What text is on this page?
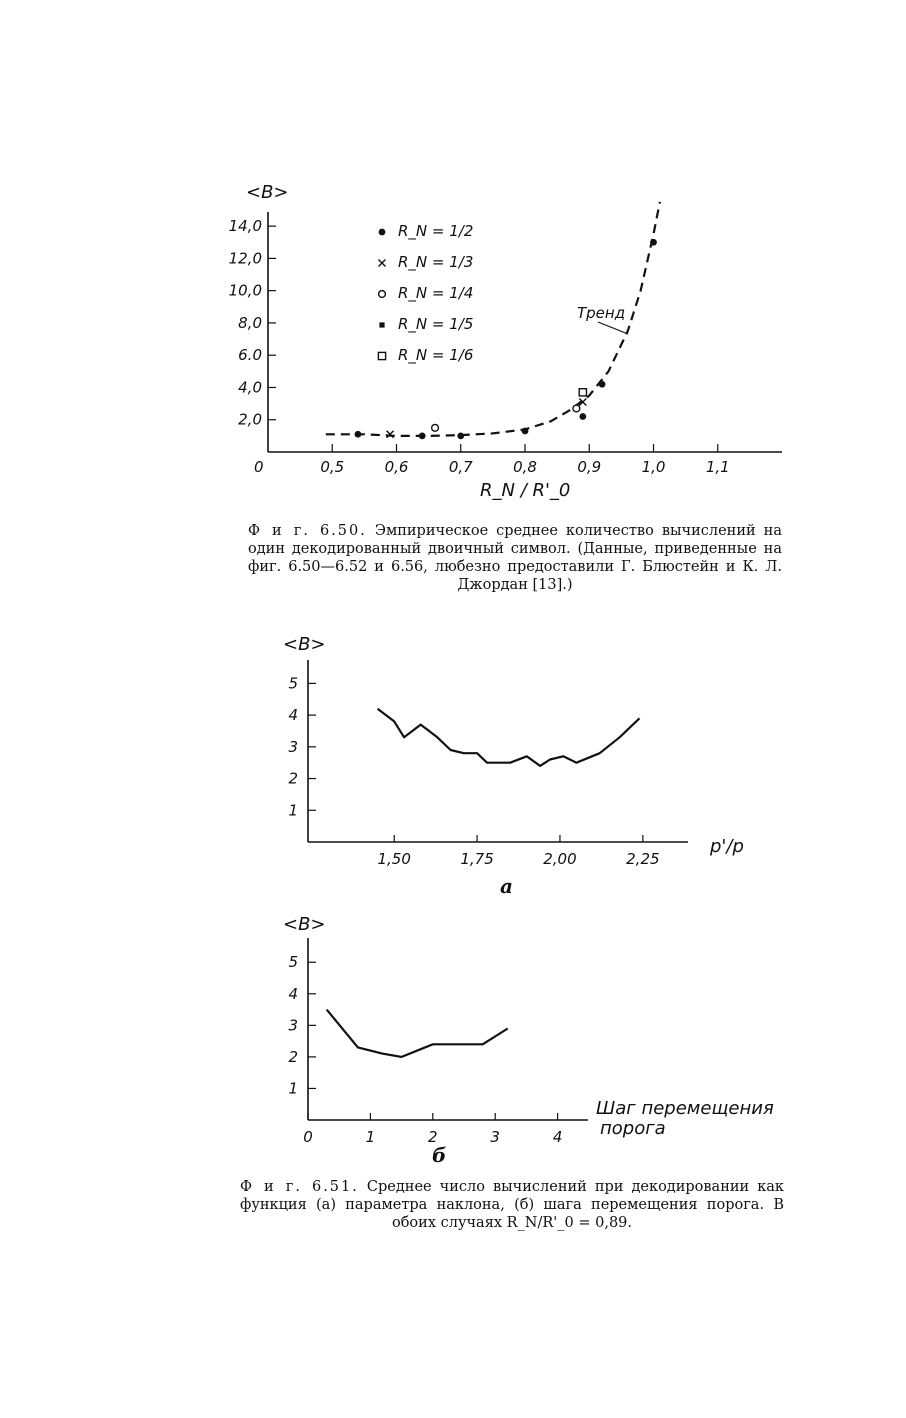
<B>
0
2,0
4,0
6.0
8,0
10,0
12,0
14,0
0,5	0,6	0,7	0,8	0,9	1,0	1,1
Тренд
R_N = 1/2
R_N = 1/3
R_N = 1/4
R_N = 1/5
R_N = 1/6
R_N / R'_0

Ф и г. 6.50. Эмпирическое среднее количество вычислений на один декодированный двоичный символ. (Данные, приведенные на фиг. 6.50—6.52 и 6.56, любезно предоставили Г. Блюстейн и К. Л. Джордан [13].)

<B>
1
2
3
4
5
1,50	1,75	2,00	2,25
p'/p
а
<B>
1
2
3
4
5
0	1	2	3	4
Шаг перемещения порога
б

Ф и г. 6.51. Среднее число вычислений при декодировании как функция (а) параметра наклона, (б) шага перемещения порога. В обоих случаях R_N/R'_0 = 0,89.
